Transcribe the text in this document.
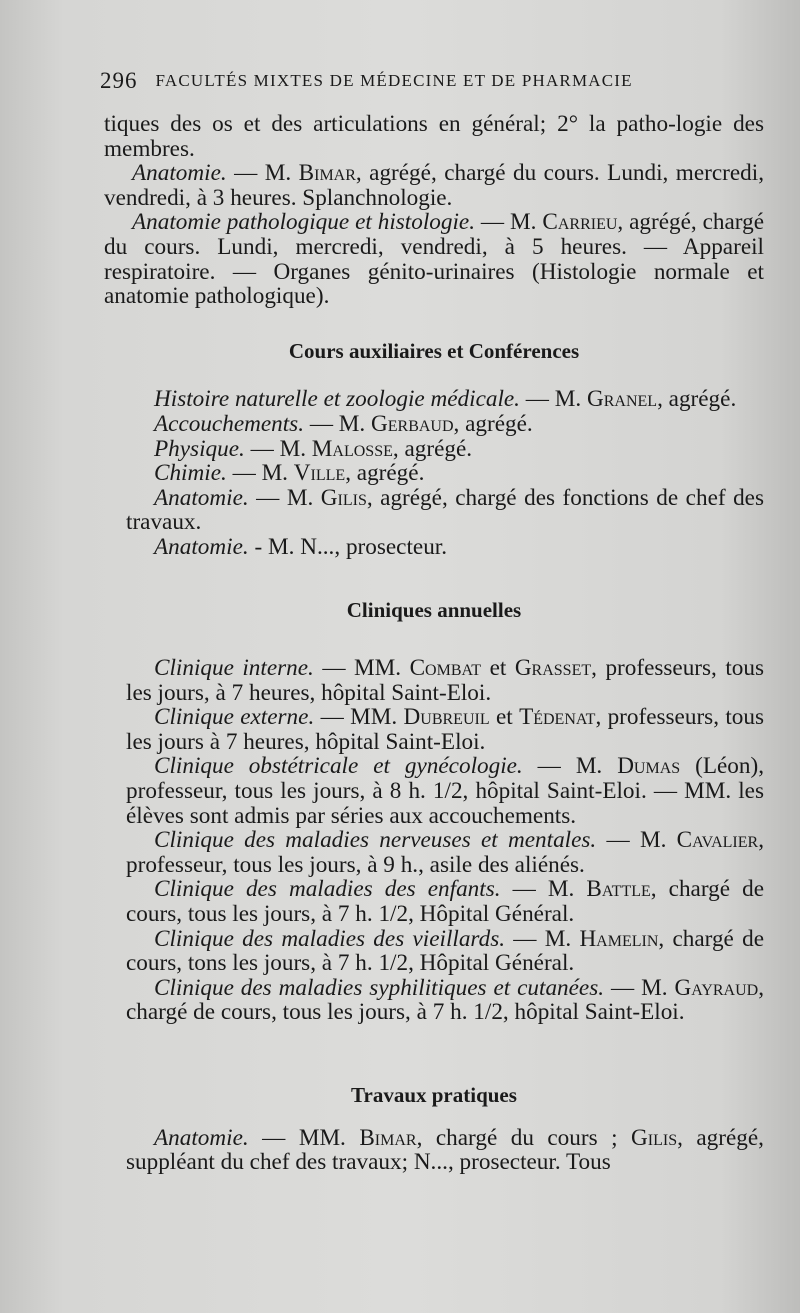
296 FACULTÉS MIXTES DE MÉDECINE ET DE PHARMACIE

tiques des os et des articulations en général; 2° la patho-logie des membres.

Anatomie. — M. Bimar, agrégé, chargé du cours. Lundi, mercredi, vendredi, à 3 heures. Splanchnologie.

Anatomie pathologique et histologie. — M. Carrieu, agrégé, chargé du cours. Lundi, mercredi, vendredi, à 5 heures. — Appareil respiratoire. — Organes génito-urinaires (Histologie normale et anatomie pathologique).

Cours auxiliaires et Conférences

Histoire naturelle et zoologie médicale. — M. Granel, agrégé.

Accouchements. — M. Gerbaud, agrégé.

Physique. — M. Malosse, agrégé.

Chimie. — M. Ville, agrégé.

Anatomie. — M. Gilis, agrégé, chargé des fonctions de chef des travaux.

Anatomie. - M. N..., prosecteur.

Cliniques annuelles

Clinique interne. — MM. Combat et Grasset, professeurs, tous les jours, à 7 heures, hôpital Saint-Eloi.

Clinique externe. — MM. Dubreuil et Tédenat, professeurs, tous les jours à 7 heures, hôpital Saint-Eloi.

Clinique obstétricale et gynécologie. — M. Dumas (Léon), professeur, tous les jours, à 8 h. 1/2, hôpital Saint-Eloi. — MM. les élèves sont admis par séries aux accouchements.

Clinique des maladies nerveuses et mentales. — M. Cavalier, professeur, tous les jours, à 9 h., asile des aliénés.

Clinique des maladies des enfants. — M. Battle, chargé de cours, tous les jours, à 7 h. 1/2, Hôpital Général.

Clinique des maladies des vieillards. — M. Hamelin, chargé de cours, tons les jours, à 7 h. 1/2, Hôpital Général.

Clinique des maladies syphilitiques et cutanées. — M. Gayraud, chargé de cours, tous les jours, à 7 h. 1/2, hôpital Saint-Eloi.

Travaux pratiques

Anatomie. — MM. Bimar, chargé du cours ; Gilis, agrégé, suppléant du chef des travaux; N..., prosecteur. Tous
